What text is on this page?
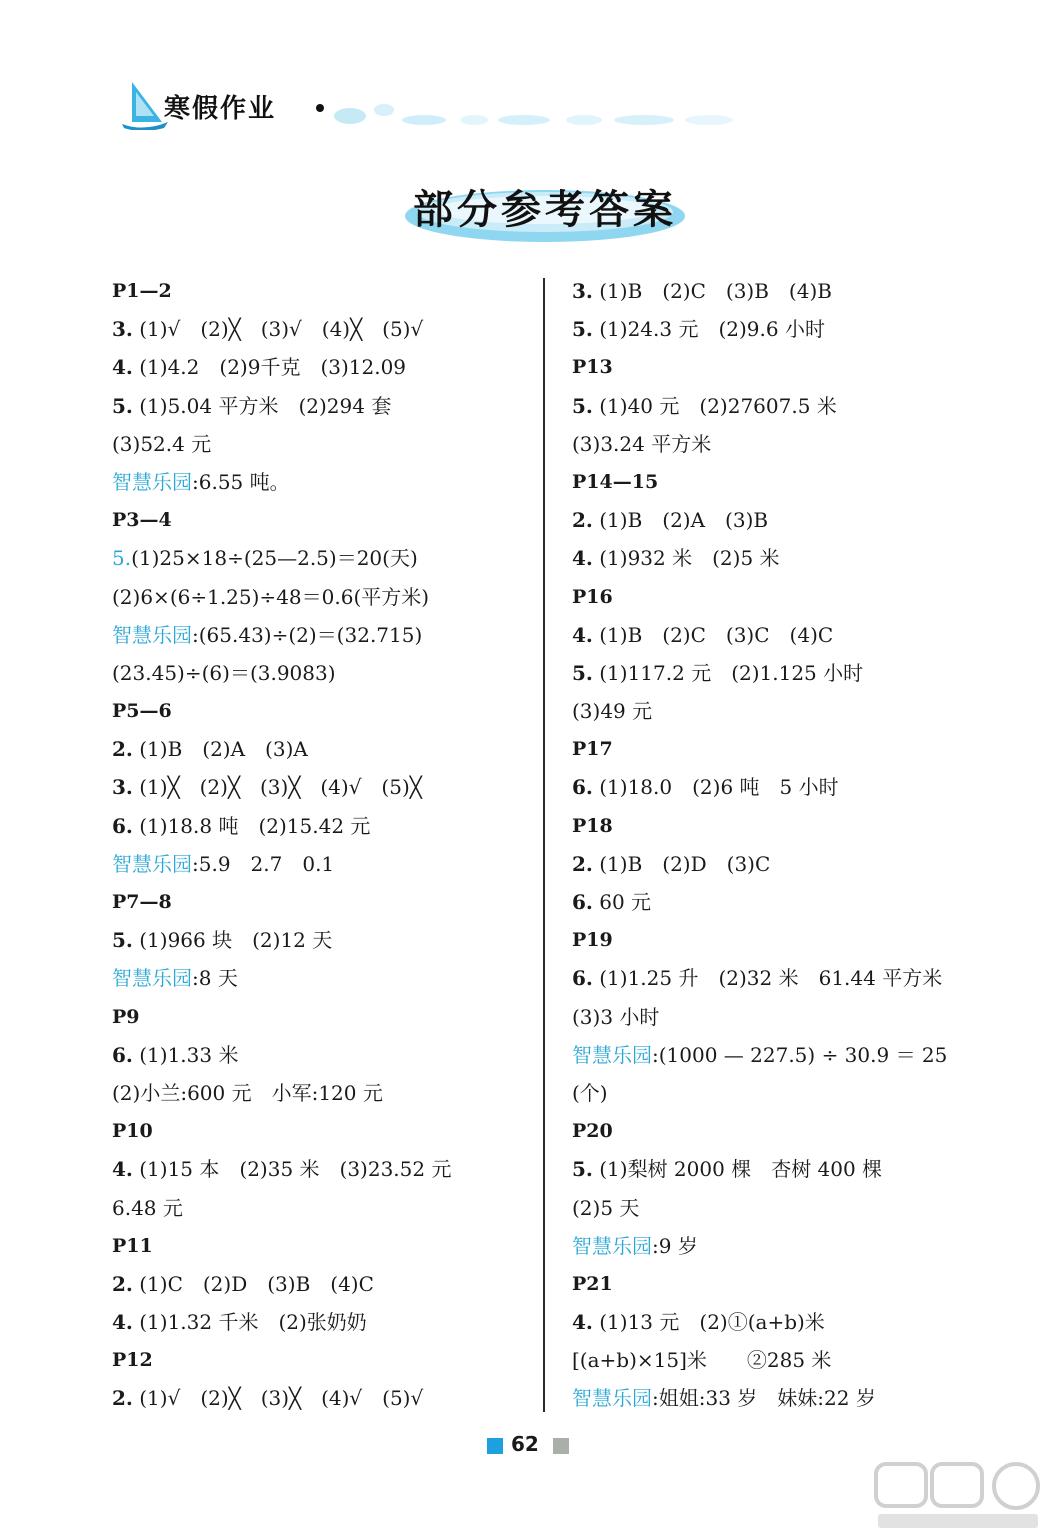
寒假作业
部分参考答案
P1—2
3. (1)√　(2)╳　(3)√　(4)╳　(5)√
4. (1)4.2　(2)9千克　(3)12.09
5. (1)5.04 平方米　(2)294 套
(3)52.4 元
智慧乐园:6.55 吨。
P3—4
5.(1)25×18÷(25—2.5)＝20(天)
(2)6×(6÷1.25)÷48＝0.6(平方米)
智慧乐园:(65.43)÷(2)＝(32.715)
(23.45)÷(6)＝(3.9083)
P5—6
2. (1)B　(2)A　(3)A
3. (1)╳　(2)╳　(3)╳　(4)√　(5)╳
6. (1)18.8 吨　(2)15.42 元
智慧乐园:5.9　2.7　0.1
P7—8
5. (1)966 块　(2)12 天
智慧乐园:8 天
P9
6. (1)1.33 米
(2)小兰:600 元　小军:120 元
P10
4. (1)15 本　(2)35 米　(3)23.52 元
6.48 元
P11
2. (1)C　(2)D　(3)B　(4)C
4. (1)1.32 千米　(2)张奶奶
P12
2. (1)√　(2)╳　(3)╳　(4)√　(5)√
3. (1)B　(2)C　(3)B　(4)B
5. (1)24.3 元　(2)9.6 小时
P13
5. (1)40 元　(2)27607.5 米
(3)3.24 平方米
P14—15
2. (1)B　(2)A　(3)B
4. (1)932 米　(2)5 米
P16
4. (1)B　(2)C　(3)C　(4)C
5. (1)117.2 元　(2)1.125 小时
(3)49 元
P17
6. (1)18.0　(2)6 吨　5 小时
P18
2. (1)B　(2)D　(3)C
6. 60 元
P19
6. (1)1.25 升　(2)32 米　61.44 平方米
(3)3 小时
智慧乐园:(1000 — 227.5) ÷ 30.9 ＝ 25
(个)
P20
5. (1)梨树 2000 棵　杏树 400 棵
(2)5 天
智慧乐园:9 岁
P21
4. (1)13 元　(2)①(a+b)米
[(a+b)×15]米　　②285 米
智慧乐园:姐姐:33 岁　妹妹:22 岁
62
